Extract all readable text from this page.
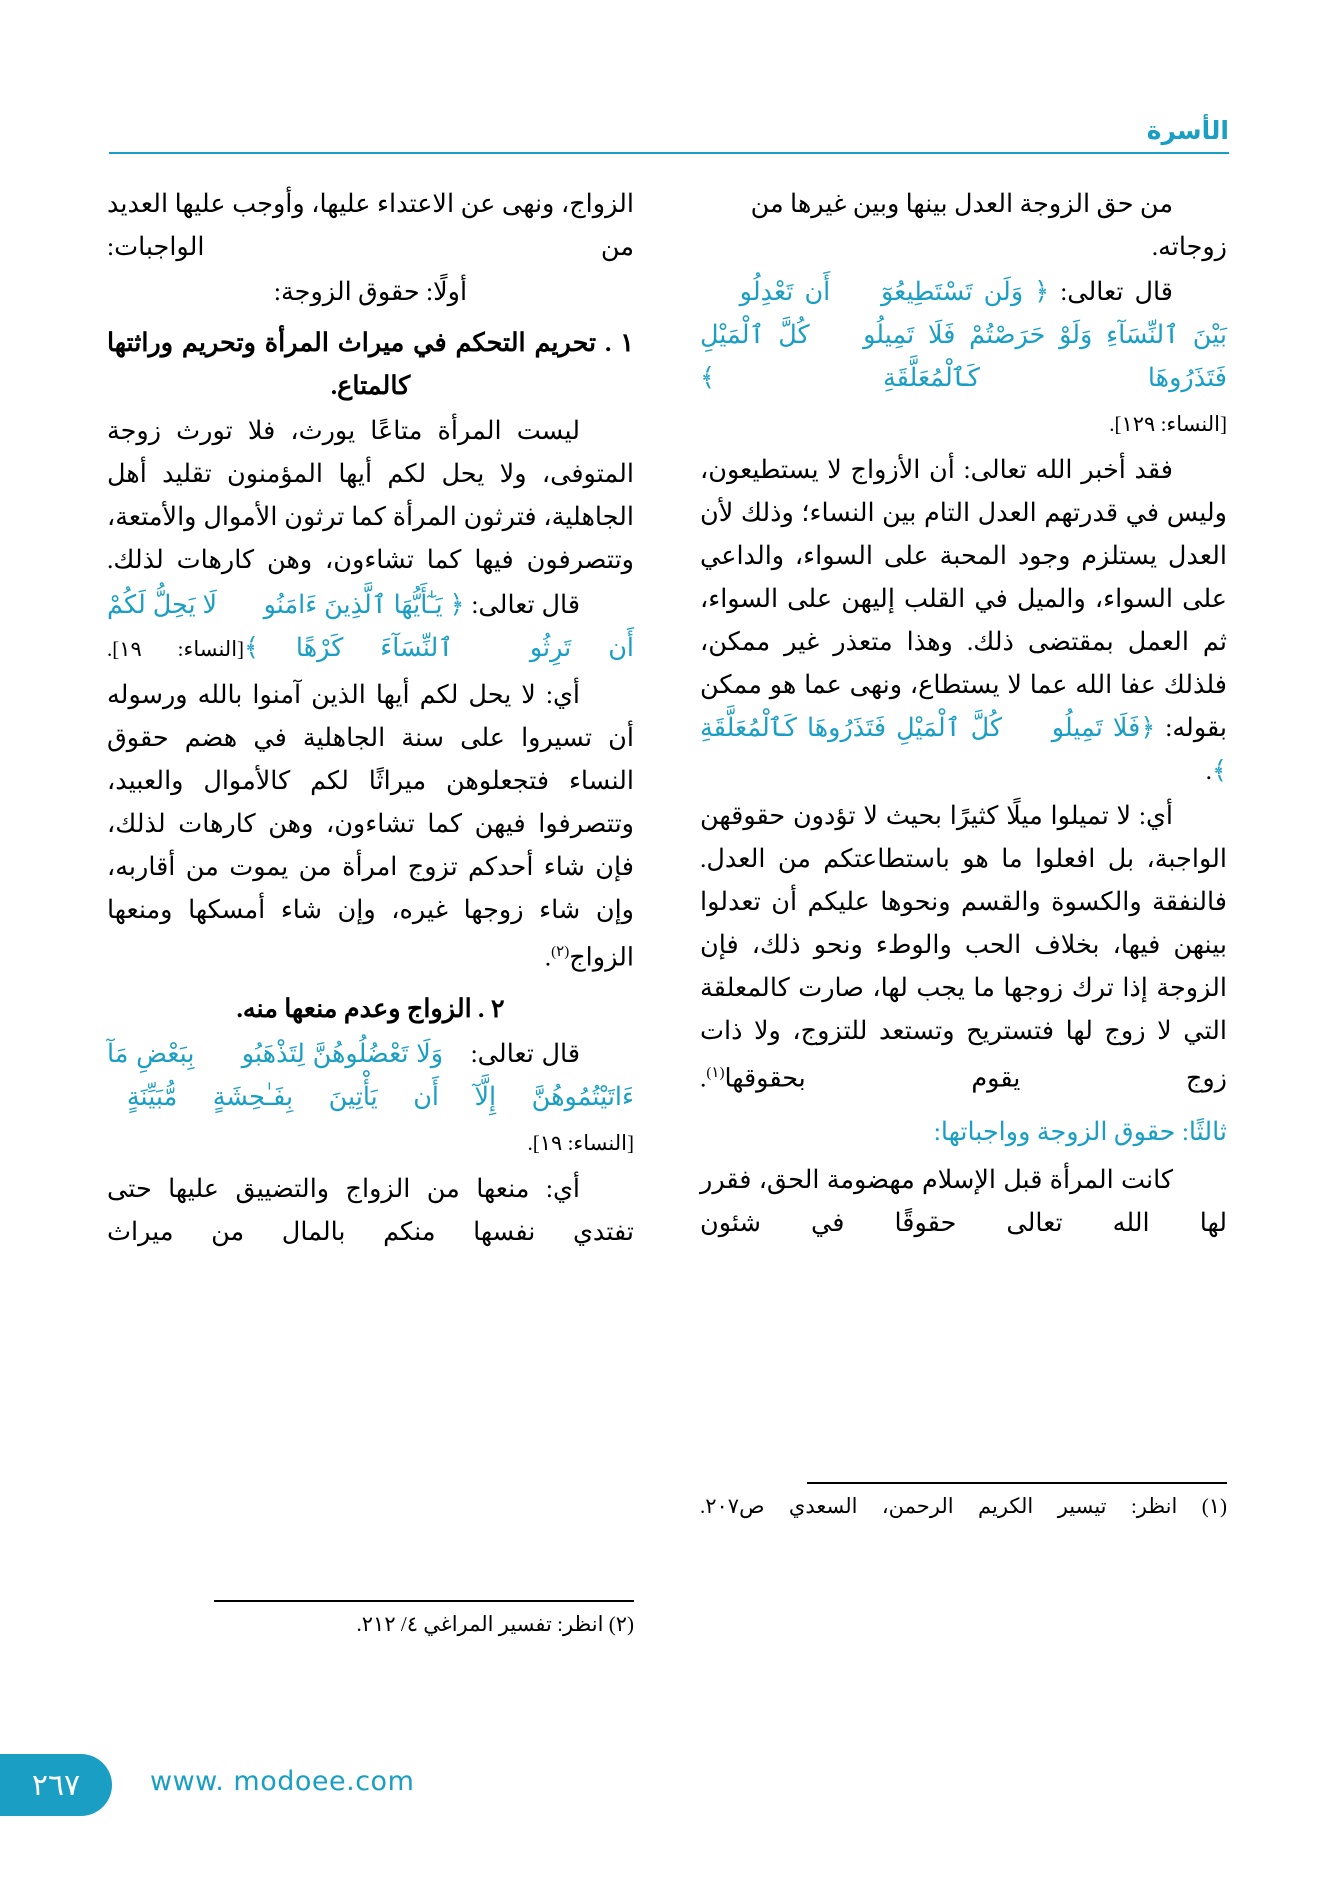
الأسرة

من حق الزوجة العدل بينها وبين غيرها من زوجاته.

قال تعالى: ﴿ وَلَن تَسْتَطِيعُوٓا۟ أَن تَعْدِلُوا۟ بَيْنَ ٱلنِّسَآءِ وَلَوْ حَرَصْتُمْ فَلَا تَمِيلُوا۟ كُلَّ ٱلْمَيْلِ فَتَذَرُوهَا كَٱلْمُعَلَّقَةِ ﴾

[النساء: ١٢٩].

فقد أخبر الله تعالى: أن الأزواج لا يستطيعون، وليس في قدرتهم العدل التام بين النساء؛ وذلك لأن العدل يستلزم وجود المحبة على السواء، والداعي على السواء، والميل في القلب إليهن على السواء، ثم العمل بمقتضى ذلك. وهذا متعذر غير ممكن، فلذلك عفا الله عما لا يستطاع، ونهى عما هو ممكن بقوله: ﴿فَلَا تَمِيلُوا۟ كُلَّ ٱلْمَيْلِ فَتَذَرُوهَا كَٱلْمُعَلَّقَةِ ﴾.

أي: لا تميلوا ميلًا كثيرًا بحيث لا تؤدون حقوقهن الواجبة، بل افعلوا ما هو باستطاعتكم من العدل. فالنفقة والكسوة والقسم ونحوها عليكم أن تعدلوا بينهن فيها، بخلاف الحب والوطء ونحو ذلك، فإن الزوجة إذا ترك زوجها ما يجب لها، صارت كالمعلقة التي لا زوج لها فتستريح وتستعد للتزوج، ولا ذات زوج يقوم بحقوقها$^{(١)}$.

ثالثًا: حقوق الزوجة وواجباتها:

كانت المرأة قبل الإسلام مهضومة الحق، فقرر لها الله تعالى حقوقًا في شئون

(١) انظر: تيسير الكريم الرحمن، السعدي ص٢٠٧.

الزواج، ونهى عن الاعتداء عليها، وأوجب عليها العديد من الواجبات:

أولًا: حقوق الزوجة:

١ . تحريم التحكم في ميراث المرأة وتحريم وراثتها كالمتاع.

ليست المرأة متاعًا يورث، فلا تورث زوجة المتوفى، ولا يحل لكم أيها المؤمنون تقليد أهل الجاهلية، فترثون المرأة كما ترثون الأموال والأمتعة، وتتصرفون فيها كما تشاءون، وهن كارهات لذلك.

قال تعالى: ﴿ يَـٰٓأَيُّهَا ٱلَّذِينَ ءَامَنُوا۟ لَا يَحِلُّ لَكُمْ أَن تَرِثُوا۟ ٱلنِّسَآءَ كَرْهًا ﴾[النساء: ١٩].

أي: لا يحل لكم أيها الذين آمنوا بالله ورسوله أن تسيروا على سنة الجاهلية في هضم حقوق النساء فتجعلوهن ميراثًا لكم كالأموال والعبيد، وتتصرفوا فيهن كما تشاءون، وهن كارهات لذلك، فإن شاء أحدكم تزوج امرأة من يموت من أقاربه، وإن شاء زوجها غيره، وإن شاء أمسكها ومنعها الزواج$^{(٢)}$.

٢ . الزواج وعدم منعها منه.

قال تعالى: ﴿وَلَا تَعْضُلُوهُنَّ لِتَذْهَبُوا۟ بِبَعْضِ مَآ ءَاتَيْتُمُوهُنَّ إِلَّآ أَن يَأْتِينَ بِفَـٰحِشَةٍ مُّبَيِّنَةٍ﴾

[النساء: ١٩].

أي: منعها من الزواج والتضييق عليها حتى تفتدي نفسها منكم بالمال من ميراث

(٢) انظر: تفسير المراغي ٤/ ٢١٢.
٢٦٧	www. modoee.com
